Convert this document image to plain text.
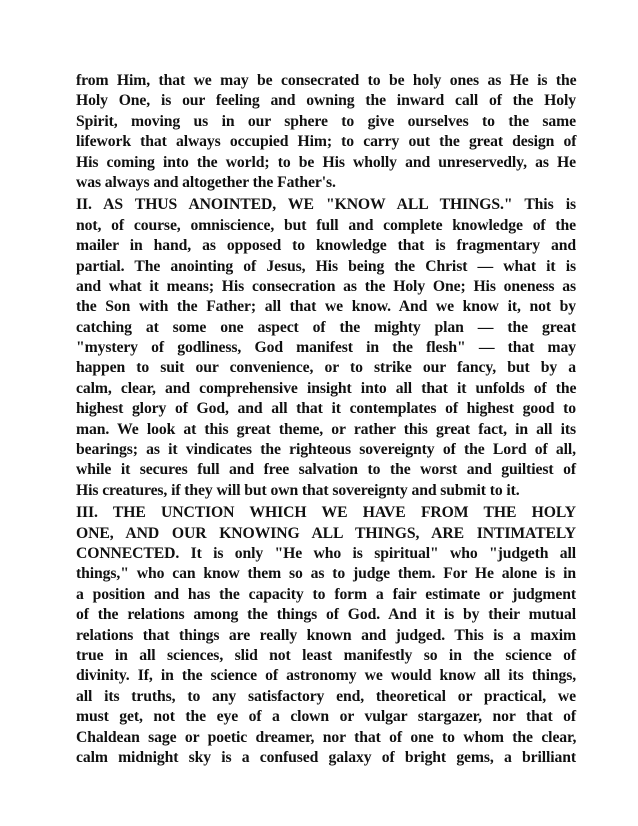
from Him, that we may be consecrated to be holy ones as He is the
Holy One, is our feeling and owning the inward call of the Holy
Spirit, moving us in our sphere to give ourselves to the same
lifework that always occupied Him; to carry out the great design of
His coming into the world; to be His wholly and unreservedly, as He
was always and altogether the Father's.
II. AS THUS ANOINTED, WE "KNOW ALL THINGS." This is
not, of course, omniscience, but full and complete knowledge of the
mailer in hand, as opposed to knowledge that is fragmentary and
partial. The anointing of Jesus, His being the Christ — what it is
and what it means; His consecration as the Holy One; His oneness as
the Son with the Father; all that we know. And we know it, not by
catching at some one aspect of the mighty plan — the great
"mystery of godliness, God manifest in the flesh" — that may
happen to suit our convenience, or to strike our fancy, but by a
calm, clear, and comprehensive insight into all that it unfolds of the
highest glory of God, and all that it contemplates of highest good to
man. We look at this great theme, or rather this great fact, in all its
bearings; as it vindicates the righteous sovereignty of the Lord of all,
while it secures full and free salvation to the worst and guiltiest of
His creatures, if they will but own that sovereignty and submit to it.
III. THE UNCTION WHICH WE HAVE FROM THE HOLY
ONE, AND OUR KNOWING ALL THINGS, ARE INTIMATELY
CONNECTED. It is only "He who is spiritual" who "judgeth all
things," who can know them so as to judge them. For He alone is in
a position and has the capacity to form a fair estimate or judgment
of the relations among the things of God. And it is by their mutual
relations that things are really known and judged. This is a maxim
true in all sciences, slid not least manifestly so in the science of
divinity. If, in the science of astronomy we would know all its things,
all its truths, to any satisfactory end, theoretical or practical, we
must get, not the eye of a clown or vulgar stargazer, nor that of
Chaldean sage or poetic dreamer, nor that of one to whom the clear,
calm midnight sky is a confused galaxy of bright gems, a brilliant
